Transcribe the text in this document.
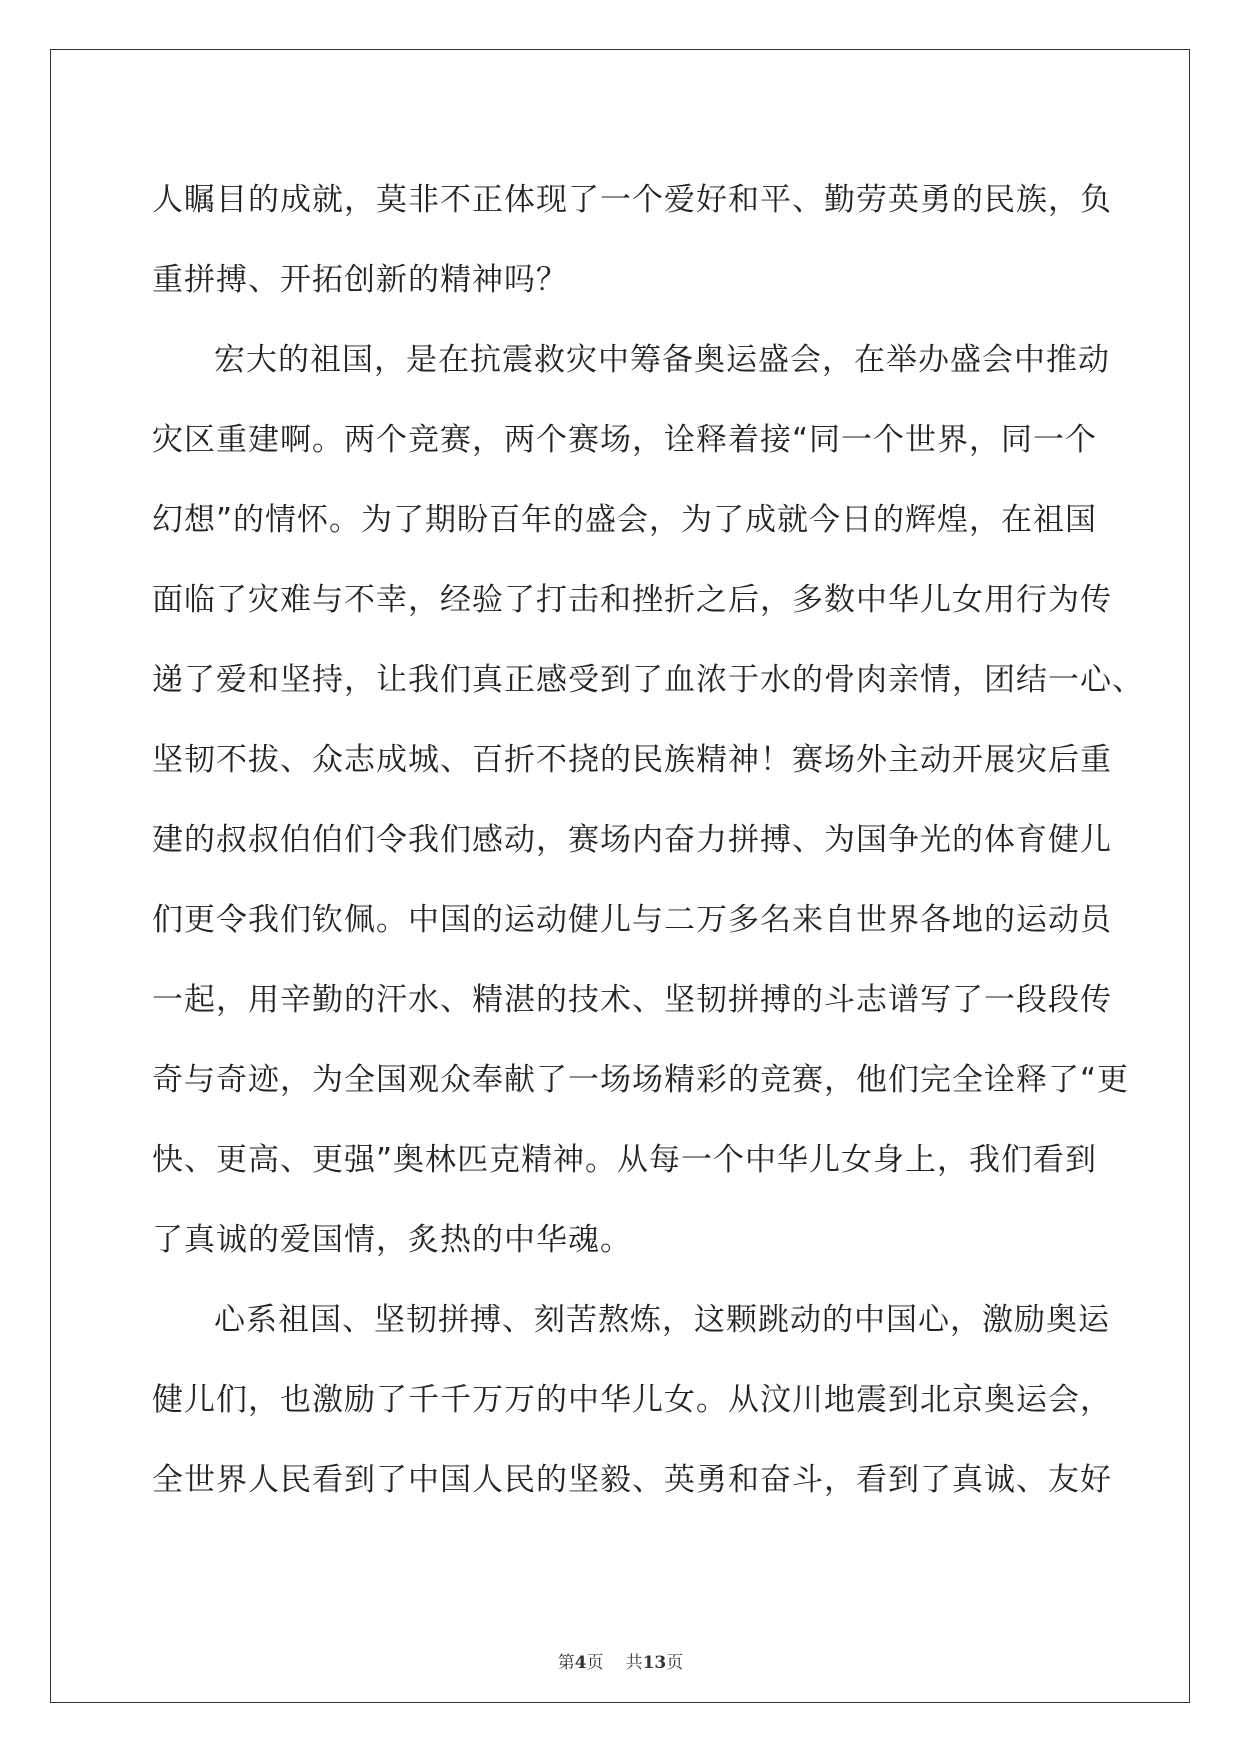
人瞩目的成就，莫非不正体现了一个爱好和平、勤劳英勇的民族，负
重拼搏、开拓创新的精神吗？
宏大的祖国，是在抗震救灾中筹备奥运盛会，在举办盛会中推动
灾区重建啊。两个竞赛，两个赛场，诠释着接“同一个世界，同一个
幻想”的情怀。为了期盼百年的盛会，为了成就今日的辉煌，在祖国
面临了灾难与不幸，经验了打击和挫折之后，多数中华儿女用行为传
递了爱和坚持，让我们真正感受到了血浓于水的骨肉亲情，团结一心、
坚韧不拔、众志成城、百折不挠的民族精神！赛场外主动开展灾后重
建的叔叔伯伯们令我们感动，赛场内奋力拼搏、为国争光的体育健儿
们更令我们钦佩。中国的运动健儿与二万多名来自世界各地的运动员
一起，用辛勤的汗水、精湛的技术、坚韧拼搏的斗志谱写了一段段传
奇与奇迹，为全国观众奉献了一场场精彩的竞赛，他们完全诠释了“更
快、更高、更强”奥林匹克精神。从每一个中华儿女身上，我们看到
了真诚的爱国情，炙热的中华魂。
心系祖国、坚韧拼搏、刻苦熬炼，这颗跳动的中国心，激励奥运
健儿们，也激励了千千万万的中华儿女。从汶川地震到北京奥运会，
全世界人民看到了中国人民的坚毅、英勇和奋斗，看到了真诚、友好
第4页 共13页
